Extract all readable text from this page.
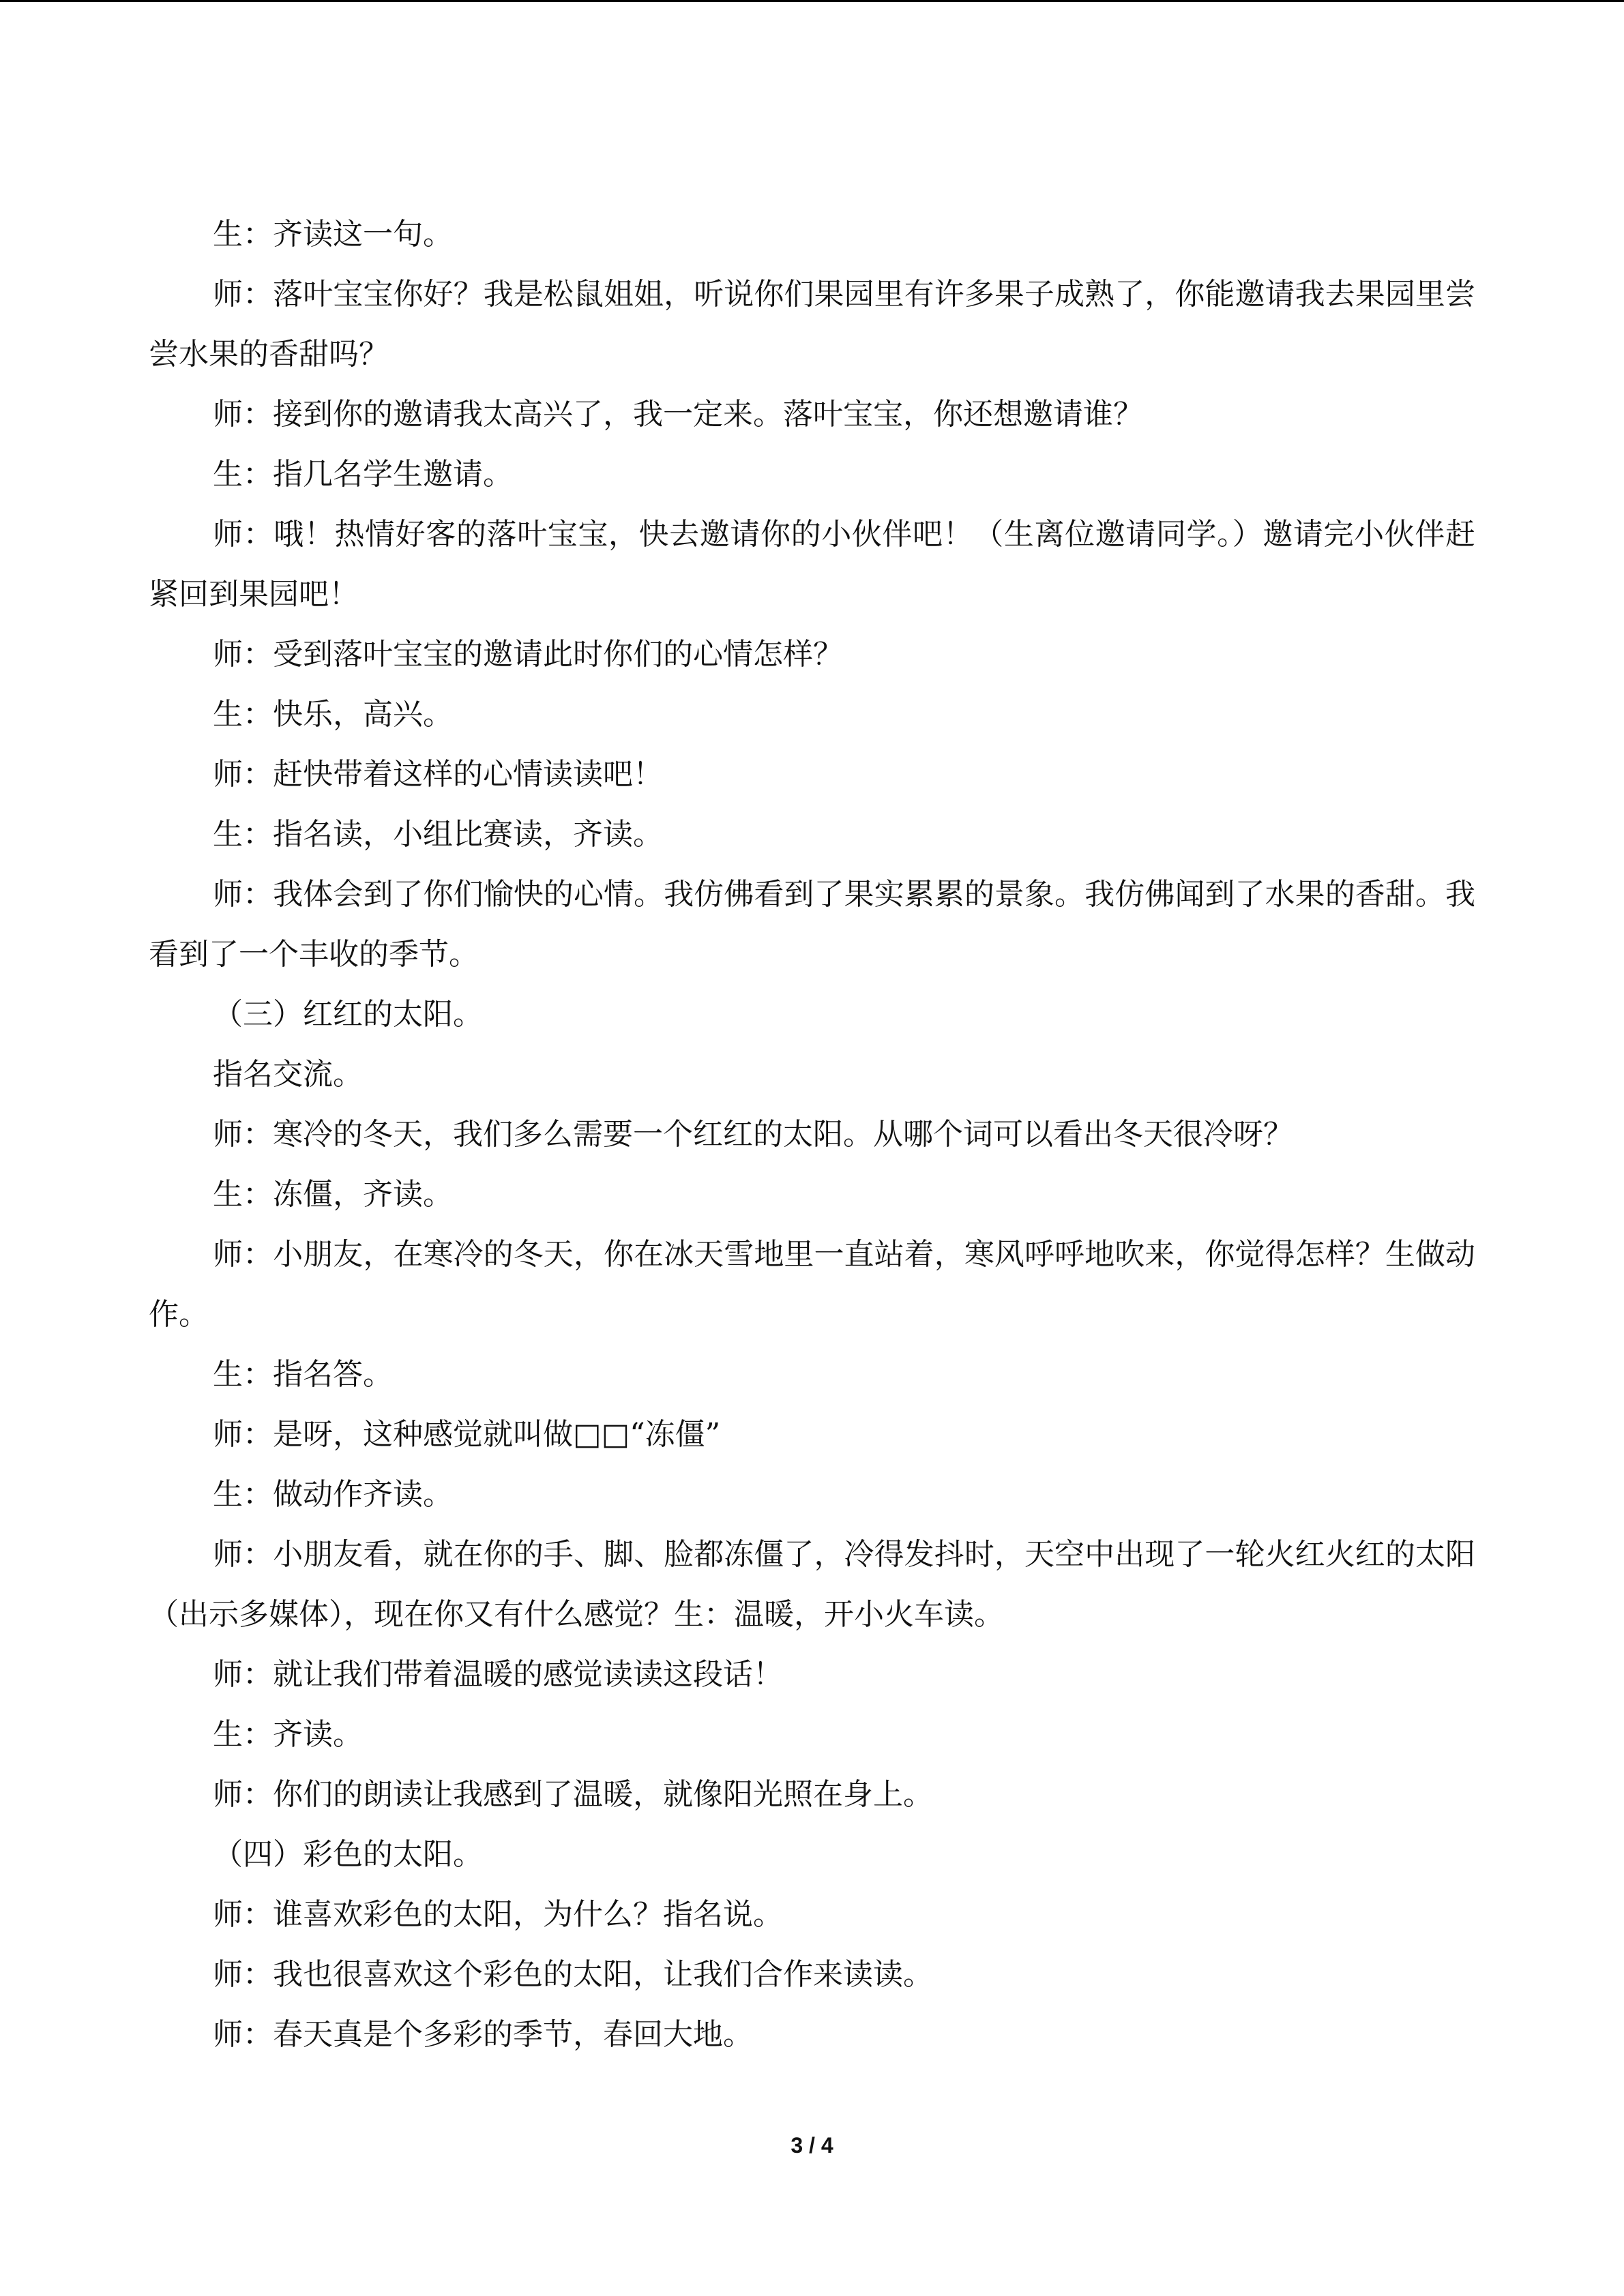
生：齐读这一句。

师：落叶宝宝你好？我是松鼠姐姐，听说你们果园里有许多果子成熟了，你能邀请我去果园里尝尝水果的香甜吗？

师：接到你的邀请我太高兴了，我一定来。落叶宝宝，你还想邀请谁？

生：指几名学生邀请。

师：哦！热情好客的落叶宝宝，快去邀请你的小伙伴吧！（生离位邀请同学。）邀请完小伙伴赶紧回到果园吧！

师：受到落叶宝宝的邀请此时你们的心情怎样？

生：快乐，高兴。

师：赶快带着这样的心情读读吧！

生：指名读，小组比赛读，齐读。

师：我体会到了你们愉快的心情。我仿佛看到了果实累累的景象。我仿佛闻到了水果的香甜。我看到了一个丰收的季节。

（三）红红的太阳。

指名交流。

师：寒冷的冬天，我们多么需要一个红红的太阳。从哪个词可以看出冬天很冷呀？

生：冻僵，齐读。

师：小朋友，在寒冷的冬天，你在冰天雪地里一直站着，寒风呼呼地吹来，你觉得怎样？生做动作。

生：指名答。

师：是呀，这种感觉就叫做□□“冻僵”

生：做动作齐读。

师：小朋友看，就在你的手、脚、脸都冻僵了，冷得发抖时，天空中出现了一轮火红火红的太阳（出示多媒体），现在你又有什么感觉？生：温暖，开小火车读。

师：就让我们带着温暖的感觉读读这段话！

生：齐读。

师：你们的朗读让我感到了温暖，就像阳光照在身上。

（四）彩色的太阳。

师：谁喜欢彩色的太阳，为什么？指名说。

师：我也很喜欢这个彩色的太阳，让我们合作来读读。

师：春天真是个多彩的季节，春回大地。

3 / 4
